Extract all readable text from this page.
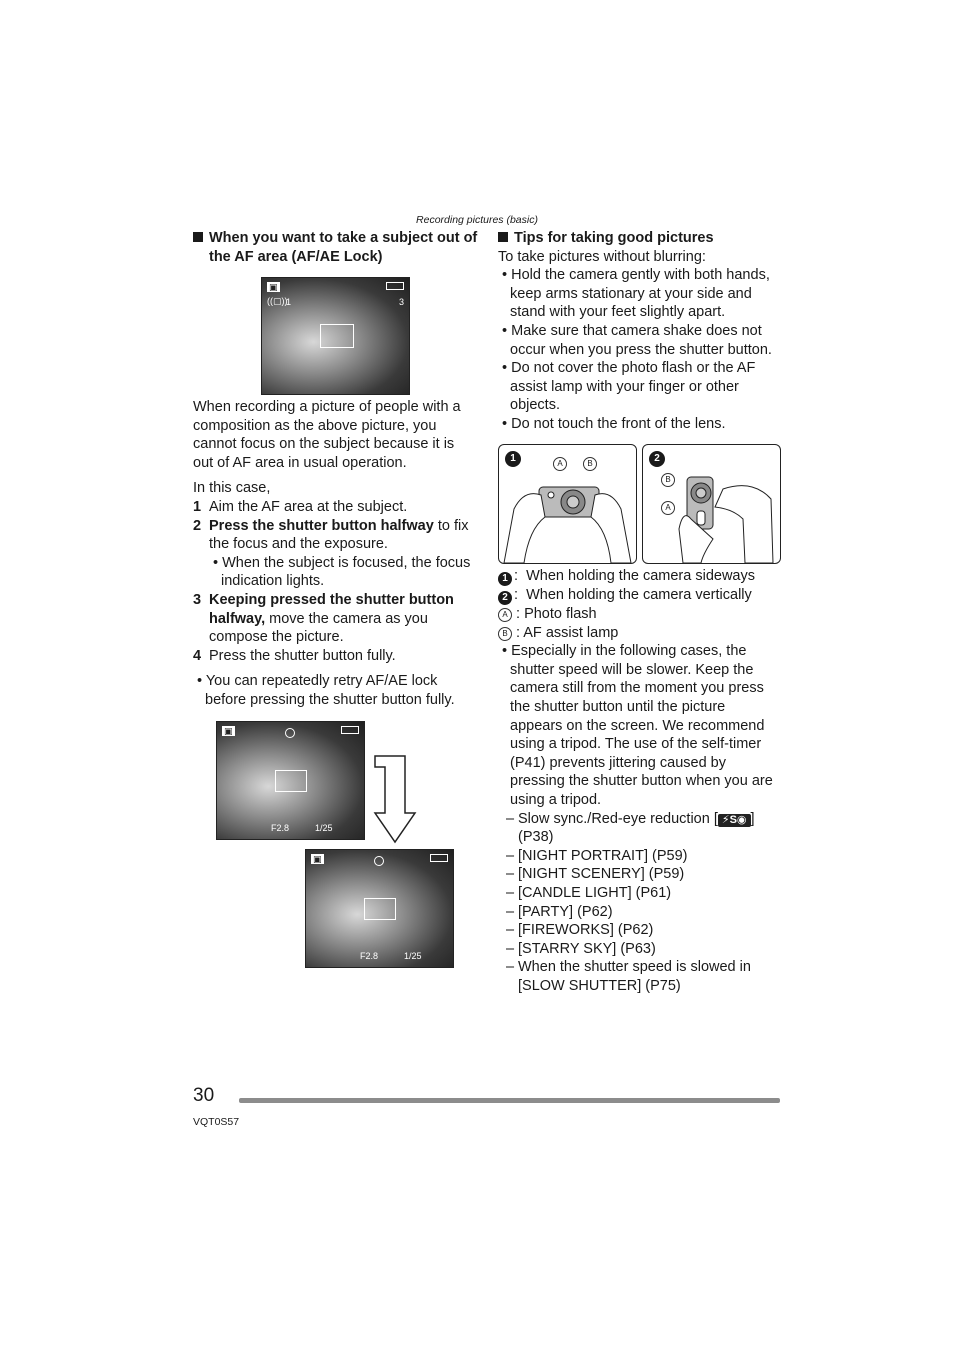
Recording pictures (basic)

When you want to take a subject out of the AF area (AF/AE Lock)

▣
((▢))
1	3

When recording a picture of people with a composition as the above picture, you cannot focus on the subject because it is out of AF area in usual operation.

In this case,

1 Aim the AF area at the subject.
2 Press the shutter button halfway to fix the focus and the exposure.

• When the subject is focused, the focus indication lights.

3 Keeping pressed the shutter button halfway, move the camera as you compose the picture.
4 Press the shutter button fully.

• You can repeatedly retry AF/AE lock before pressing the shutter button fully.

▣
F2.8	1/25
▣
F2.8	1/25

Tips for taking good pictures

To take pictures without blurring:

• Hold the camera gently with both hands, keep arms stationary at your side and stand with your feet slightly apart.

• Make sure that camera shake does not occur when you press the shutter button.

• Do not cover the photo flash or the AF assist lamp with your finger or other objects.

• Do not touch the front of the lens.

1	A	B	2
B
A

1 :  When holding the camera sideways

2 :  When holding the camera vertically

A : Photo flash

B : AF assist lamp

• Especially in the following cases, the shutter speed will be slower. Keep the camera still from the moment you press the shutter button until the picture appears on the screen. We recommend using a tripod. The use of the self-timer (P41) prevents jittering caused by pressing the shutter button when you are using a tripod.

– Slow sync./Red-eye reduction [ ⚡S◉ ]
(P38)
– [NIGHT PORTRAIT] (P59)
– [NIGHT SCENERY] (P59)
– [CANDLE LIGHT] (P61)
– [PARTY] (P62)
– [FIREWORKS] (P62)
– [STARRY SKY] (P63)
– When the shutter speed is slowed in [SLOW SHUTTER] (P75)
30
VQT0S57
